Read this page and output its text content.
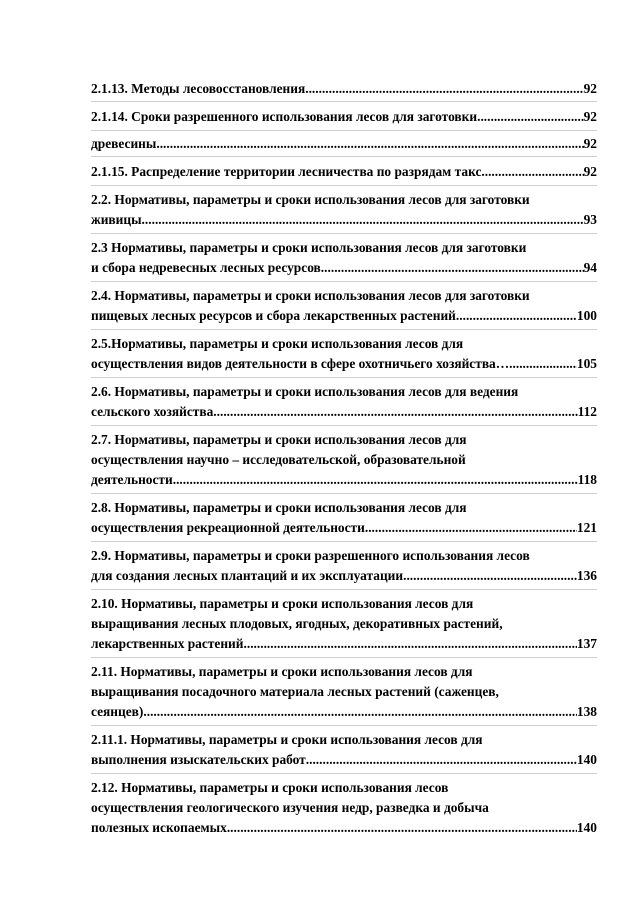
2.1.13. Методы лесовосстановления .....	92
2.1.14. Сроки разрешенного использования лесов для заготовки .....	92
древесины .....	92
2.1.15. Распределение территории лесничества по разрядам такс .....	92
2.2. Нормативы, параметры и сроки использования лесов для заготовки
живицы .....	93
2.3 Нормативы, параметры и сроки использования лесов для заготовки
и сбора недревесных лесных ресурсов .....	94
2.4. Нормативы, параметры и сроки использования лесов для заготовки
пищевых лесных ресурсов и сбора лекарственных растений .....	100
2.5.Нормативы, параметры и сроки использования лесов для
осуществления видов деятельности в сфере охотничьего хозяйства…. .....	105
2.6. Нормативы, параметры и сроки использования лесов для ведения
сельского хозяйства .....	112
2.7. Нормативы, параметры и сроки использования лесов для
осуществления научно – исследовательской, образовательной
деятельности .....	118
2.8. Нормативы, параметры и сроки использования лесов для
осуществления рекреационной деятельности .....	121
2.9. Нормативы, параметры и сроки разрешенного использования лесов
для создания лесных плантаций и их эксплуатации .....	136
2.10. Нормативы, параметры и сроки использования лесов для
выращивания лесных плодовых, ягодных, декоративных растений,
лекарственных растений .....	137
2.11. Нормативы, параметры и сроки использования лесов для
выращивания посадочного материала лесных растений (саженцев,
сеянцев) .....	138
2.11.1. Нормативы, параметры и сроки использования лесов для
выполнения изыскательских работ .....	140
2.12. Нормативы, параметры и сроки использования лесов
осуществления геологического изучения недр, разведка и добыча
полезных ископаемых .....	140
